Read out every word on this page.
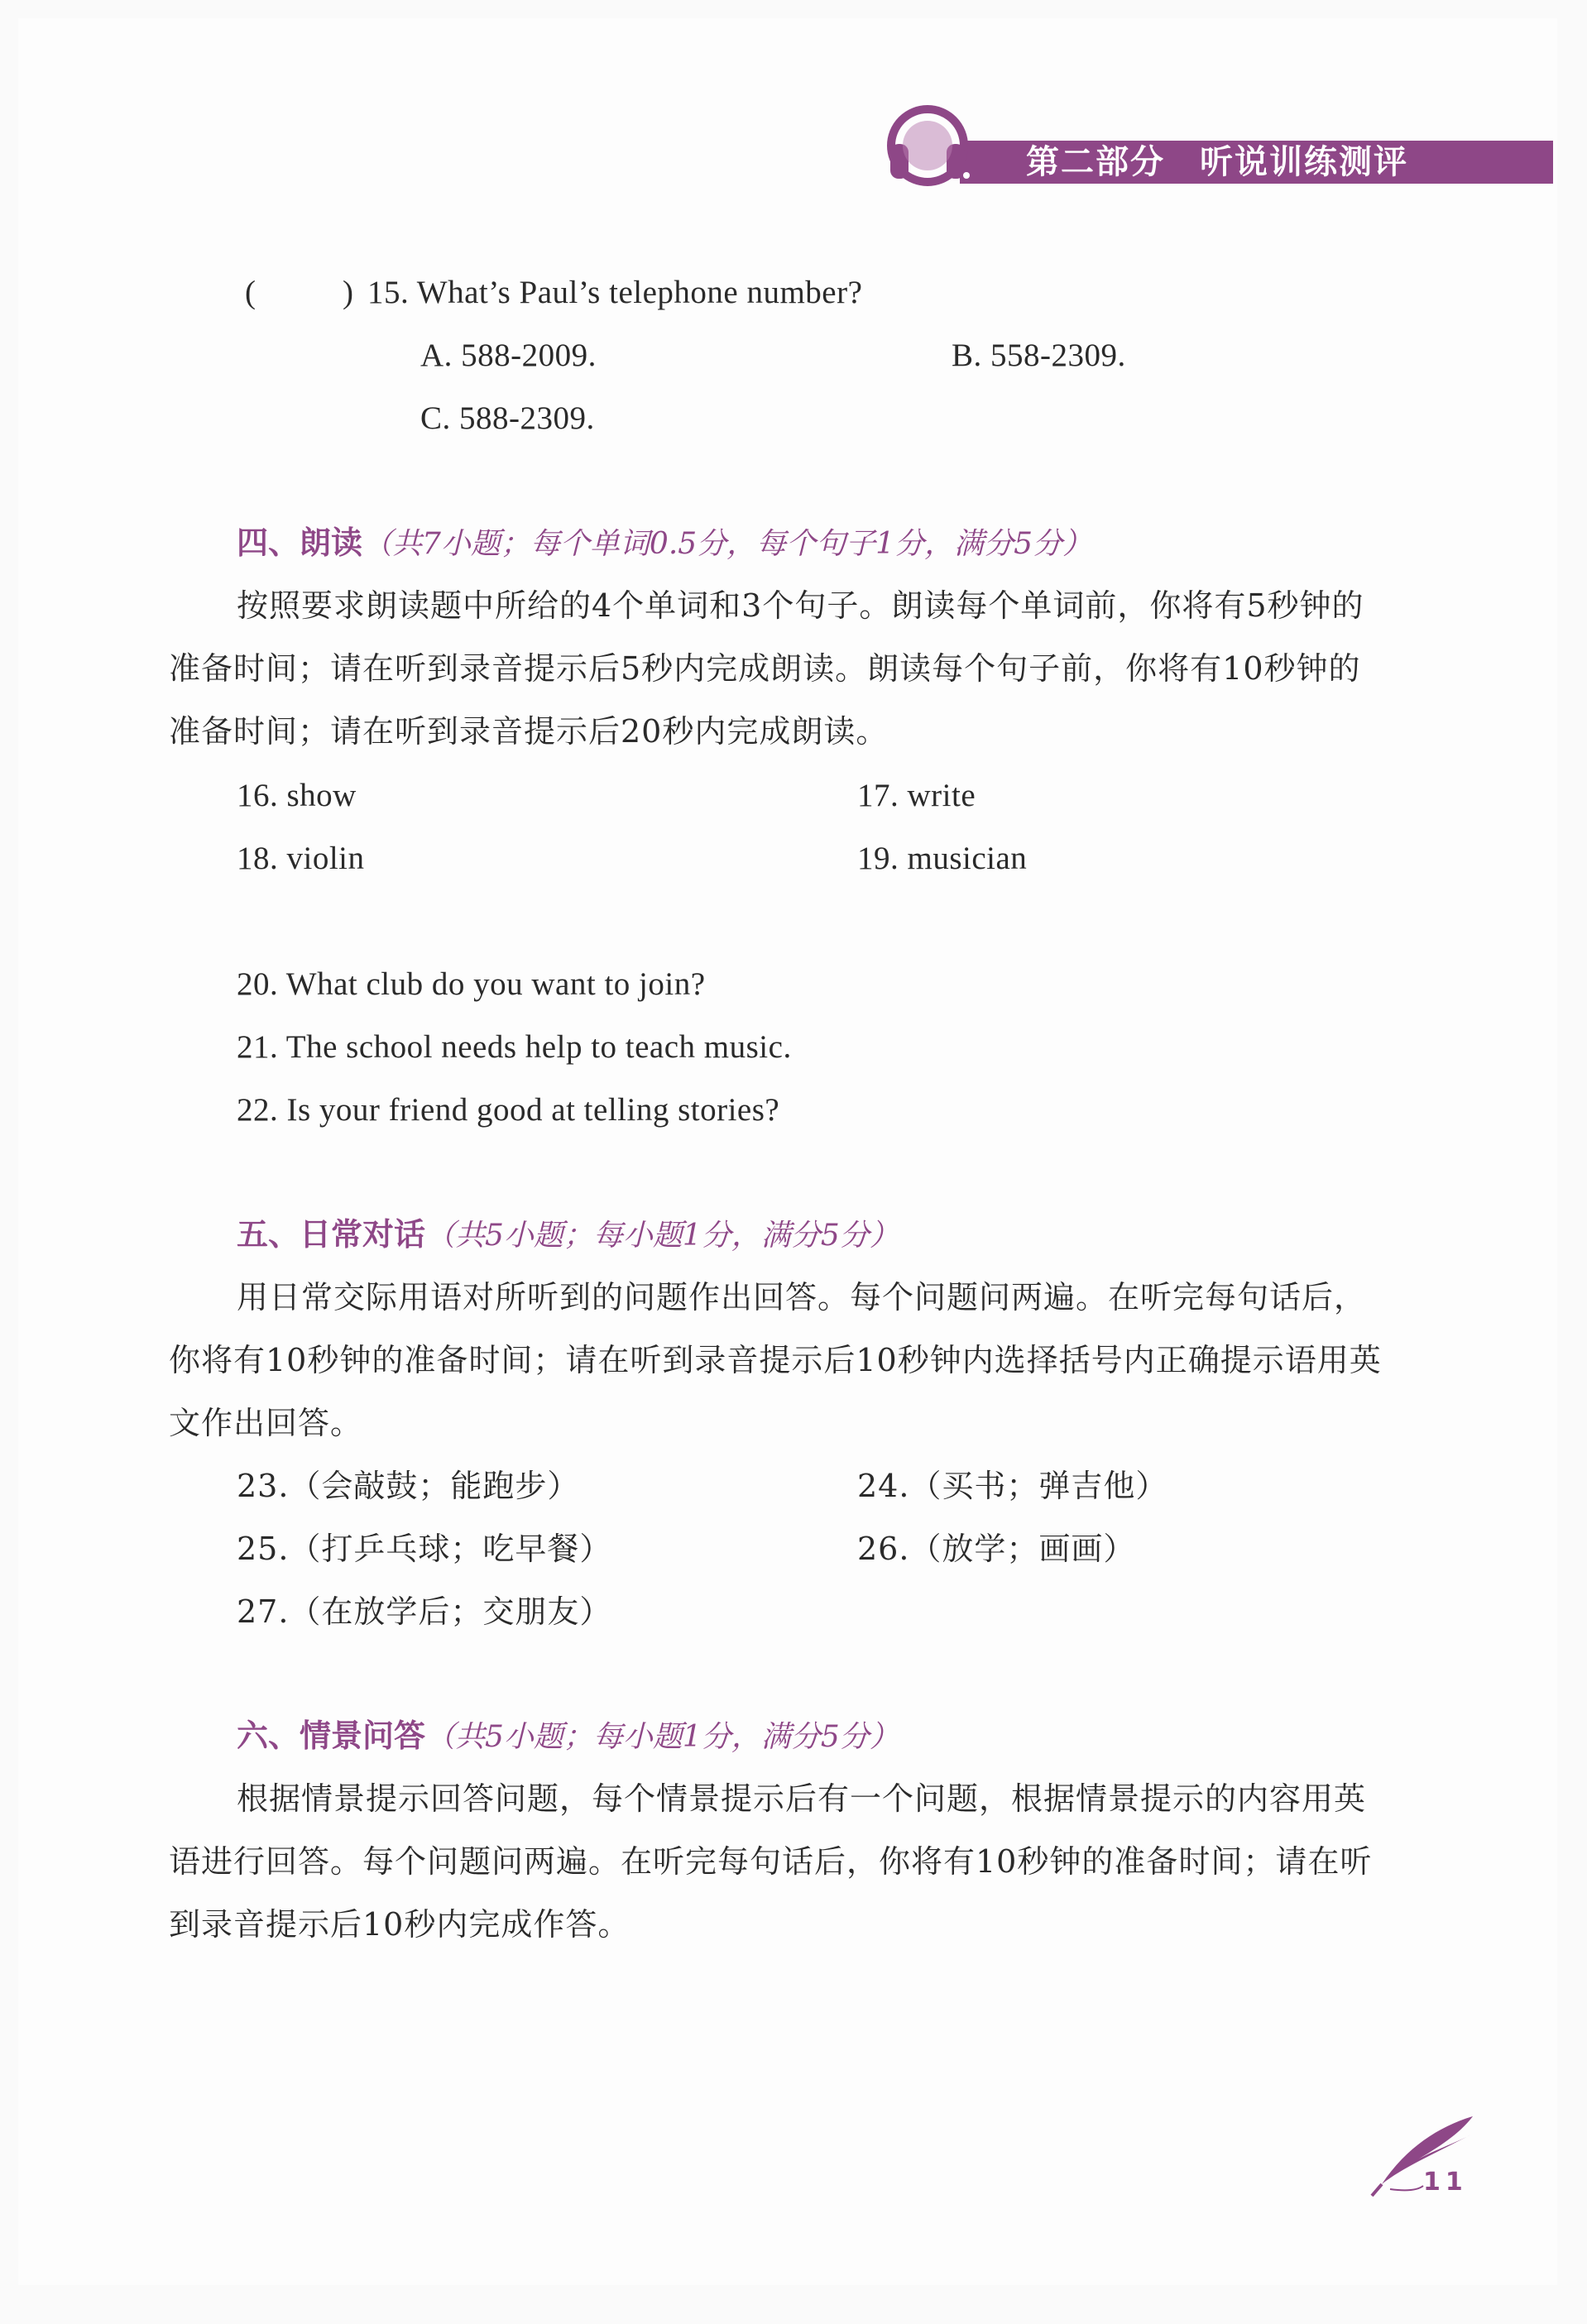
第二部分　听说训练测评
(	) 15. What’s Paul’s telephone number?
A. 588-2009.	B. 558-2309.
C. 588-2309.
四、朗读（共7小题；每个单词0.5分，每个句子1分，满分5分）
按照要求朗读题中所给的4个单词和3个句子。朗读每个单词前，你将有5秒钟的
准备时间；请在听到录音提示后5秒内完成朗读。朗读每个句子前，你将有10秒钟的
准备时间；请在听到录音提示后20秒内完成朗读。
16. show	17. write
18. violin	19. musician
20. What club do you want to join?
21. The school needs help to teach music.
22. Is your friend good at telling stories?
五、日常对话（共5小题；每小题1分，满分5分）
用日常交际用语对所听到的问题作出回答。每个问题问两遍。在听完每句话后，
你将有10秒钟的准备时间；请在听到录音提示后10秒钟内选择括号内正确提示语用英
文作出回答。
23.（会敲鼓；能跑步）	24.（买书；弹吉他）
25.（打乒乓球；吃早餐）	26.（放学；画画）
27.（在放学后；交朋友）
六、情景问答（共5小题；每小题1分，满分5分）
根据情景提示回答问题，每个情景提示后有一个问题，根据情景提示的内容用英
语进行回答。每个问题问两遍。在听完每句话后，你将有10秒钟的准备时间；请在听
到录音提示后10秒内完成作答。
11
